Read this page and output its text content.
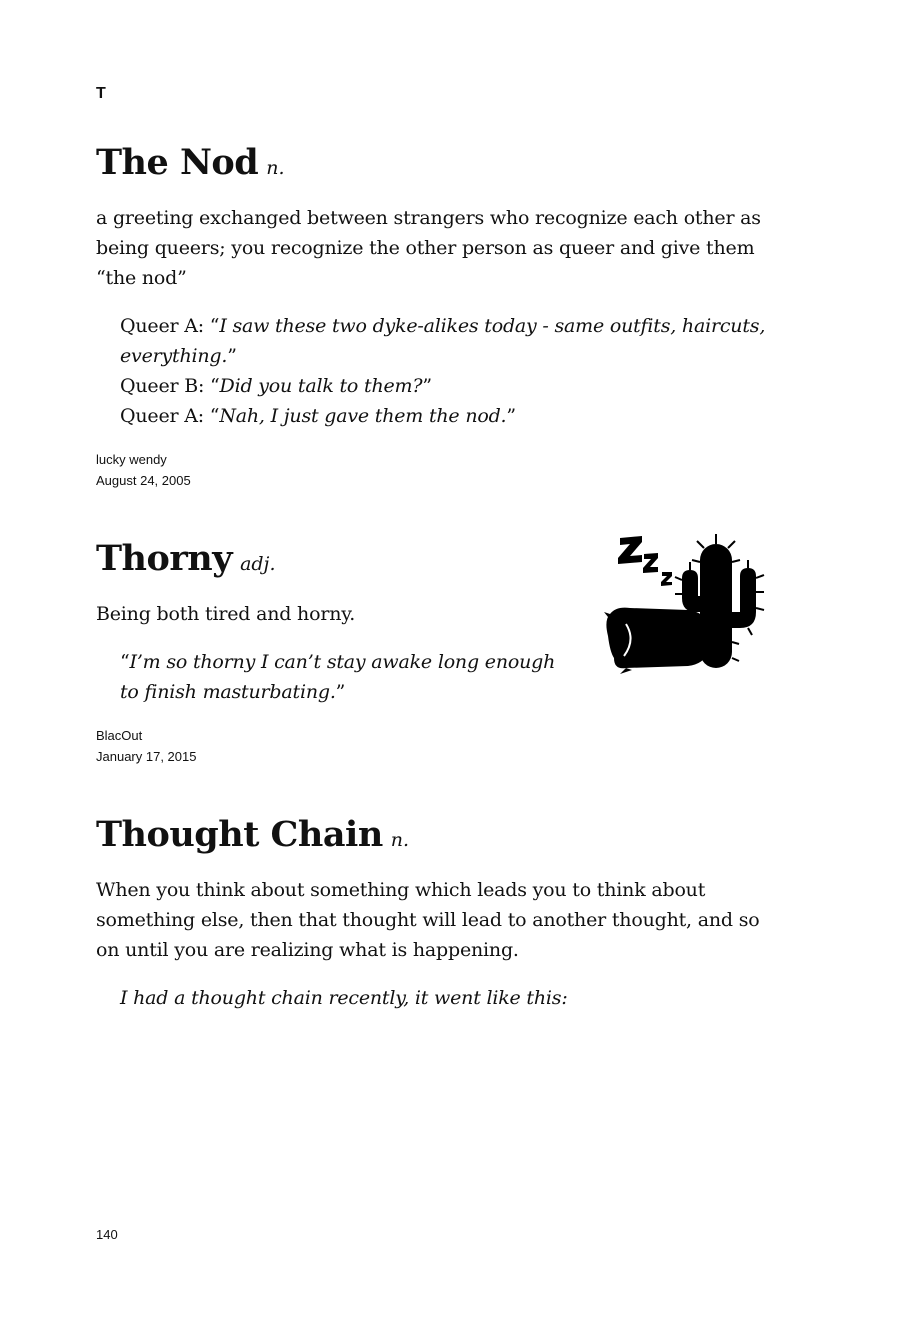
T
The Nod n.

a greeting exchanged between strangers who recognize each other as being queers; you recognize the other person as queer and give them “the nod”

Queer A: “I saw these two dyke-alikes today - same outfits, haircuts,

everything.”

Queer B: “Did you talk to them?”

Queer A: “Nah, I just gave them the nod.”

lucky wendy
August 24, 2005
Thorny adj.

Being both tired and horny.

“I’m so thorny I can’t stay awake long enough

to finish masturbating.”

BlacOut
January 17, 2015
Thought Chain n.

When you think about something which leads you to think about something else, then that thought will lead to another thought, and so on until you are realizing what is happening.

I had a thought chain recently, it went like this:

140
